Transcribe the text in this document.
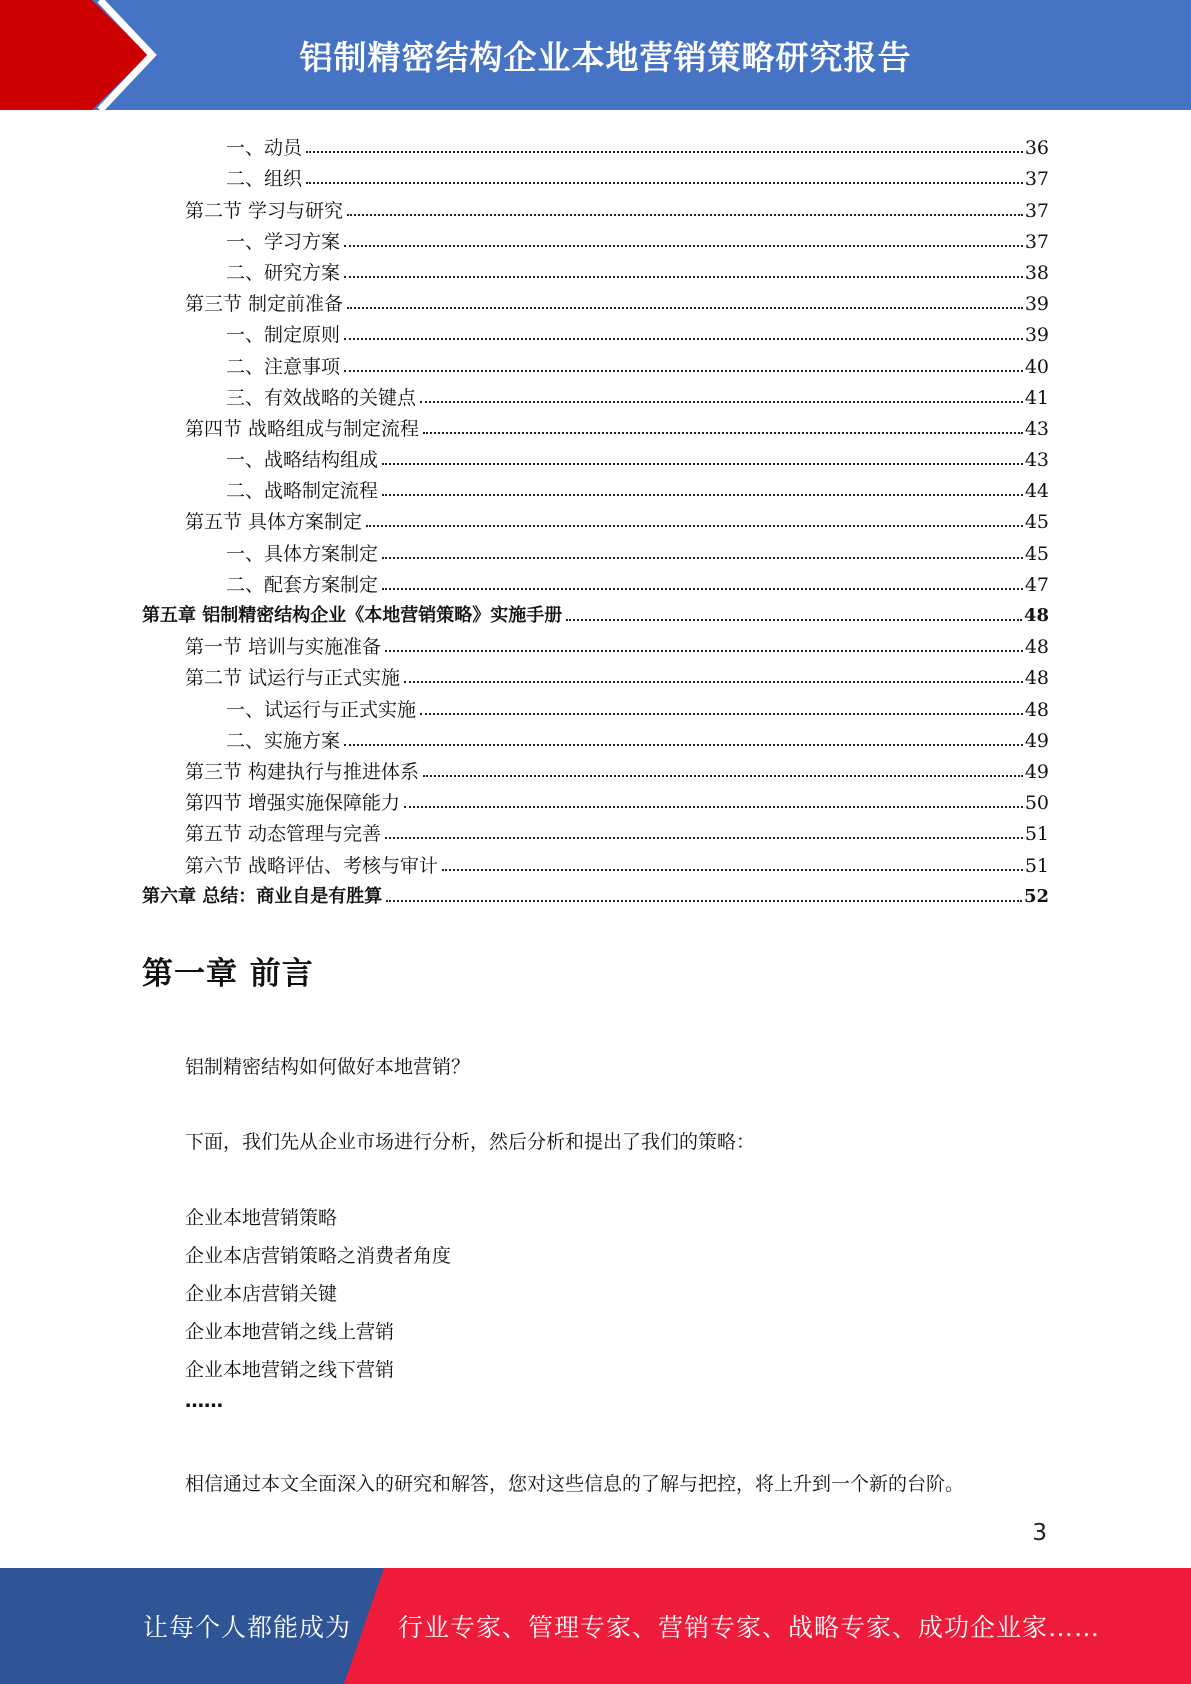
铝制精密结构企业本地营销策略研究报告
一、动员	36
二、组织	37
第二节 学习与研究	37
一、学习方案	37
二、研究方案	38
第三节 制定前准备	39
一、制定原则	39
二、注意事项	40
三、有效战略的关键点	41
第四节 战略组成与制定流程	43
一、战略结构组成	43
二、战略制定流程	44
第五节 具体方案制定	45
一、具体方案制定	45
二、配套方案制定	47
第五章 铝制精密结构企业《本地营销策略》实施手册	48
第一节 培训与实施准备	48
第二节 试运行与正式实施	48
一、试运行与正式实施	48
二、实施方案	49
第三节 构建执行与推进体系	49
第四节 增强实施保障能力	50
第五节 动态管理与完善	51
第六节 战略评估、考核与审计	51
第六章 总结：商业自是有胜算	52
第一章 前言

铝制精密结构如何做好本地营销？

下面，我们先从企业市场进行分析，然后分析和提出了我们的策略：

企业本地营销策略

企业本店营销策略之消费者角度

企业本店营销关键

企业本地营销之线上营销

企业本地营销之线下营销

……

相信通过本文全面深入的研究和解答，您对这些信息的了解与把控，将上升到一个新的台阶。

3
让每个人都能成为 行业专家、管理专家、营销专家、战略专家、成功企业家……
